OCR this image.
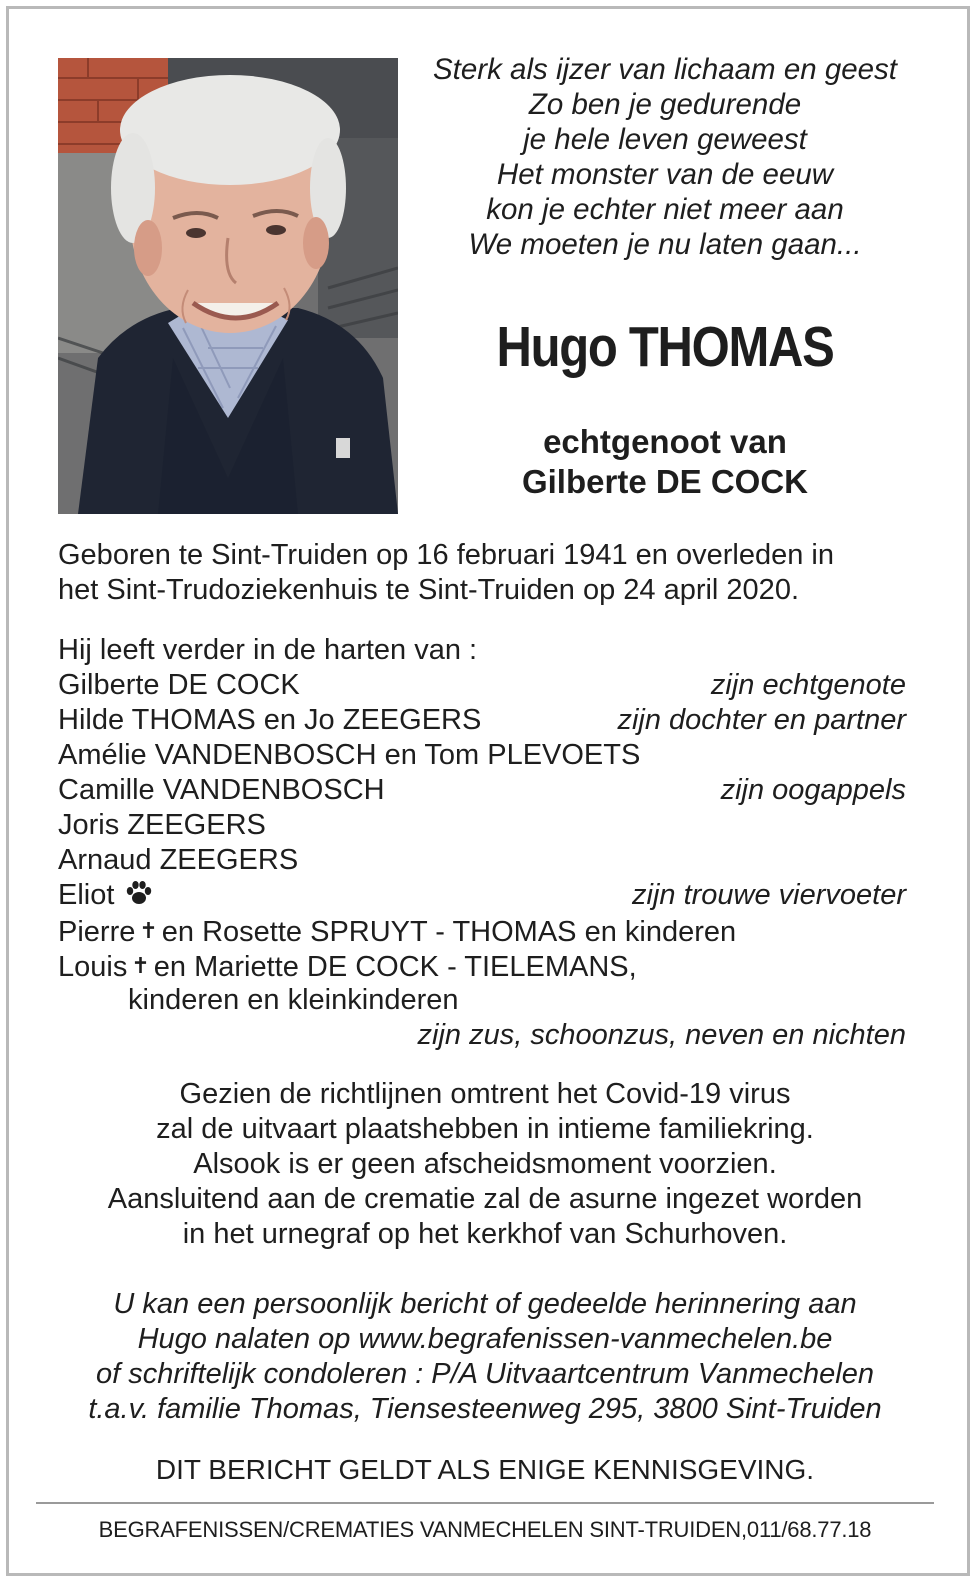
Sterk als ijzer van lichaam en geest
Zo ben je gedurende
je hele leven geweest
Het monster van de eeuw
kon je echter niet meer aan
We moeten je nu laten gaan...
Hugo THOMAS
echtgenoot van
Gilberte DE COCK
Geboren te Sint-Truiden op 16 februari 1941 en overleden in
het Sint-Trudoziekenhuis te Sint-Truiden op 24 april 2020.
Hij leeft verder in de harten van :
Gilberte DE COCK	zijn echtgenote
Hilde THOMAS en Jo ZEEGERS	zijn dochter en partner
Amélie VANDENBOSCH en Tom PLEVOETS
Camille VANDENBOSCH	zijn oogappels
Joris ZEEGERS
Arnaud ZEEGERS
Eliot	zijn trouwe viervoeter
Pierre ✝ en Rosette SPRUYT - THOMAS en kinderen
Louis ✝ en Mariette DE COCK - TIELEMANS,
kinderen en kleinkinderen
zijn zus, schoonzus, neven en nichten
Gezien de richtlijnen omtrent het Covid-19 virus
zal de uitvaart plaatshebben in intieme familiekring.
Alsook is er geen afscheidsmoment voorzien.
Aansluitend aan de crematie zal de asurne ingezet worden
in het urnegraf op het kerkhof van Schurhoven.
U kan een persoonlijk bericht of gedeelde herinnering aan
Hugo nalaten op www.begrafenissen-vanmechelen.be
of schriftelijk condoleren : P/A Uitvaartcentrum Vanmechelen
t.a.v. familie Thomas, Tiensesteenweg 295, 3800 Sint-Truiden
DIT BERICHT GELDT ALS ENIGE KENNISGEVING.
BEGRAFENISSEN/CREMATIES VANMECHELEN SINT-TRUIDEN,011/68.77.18
